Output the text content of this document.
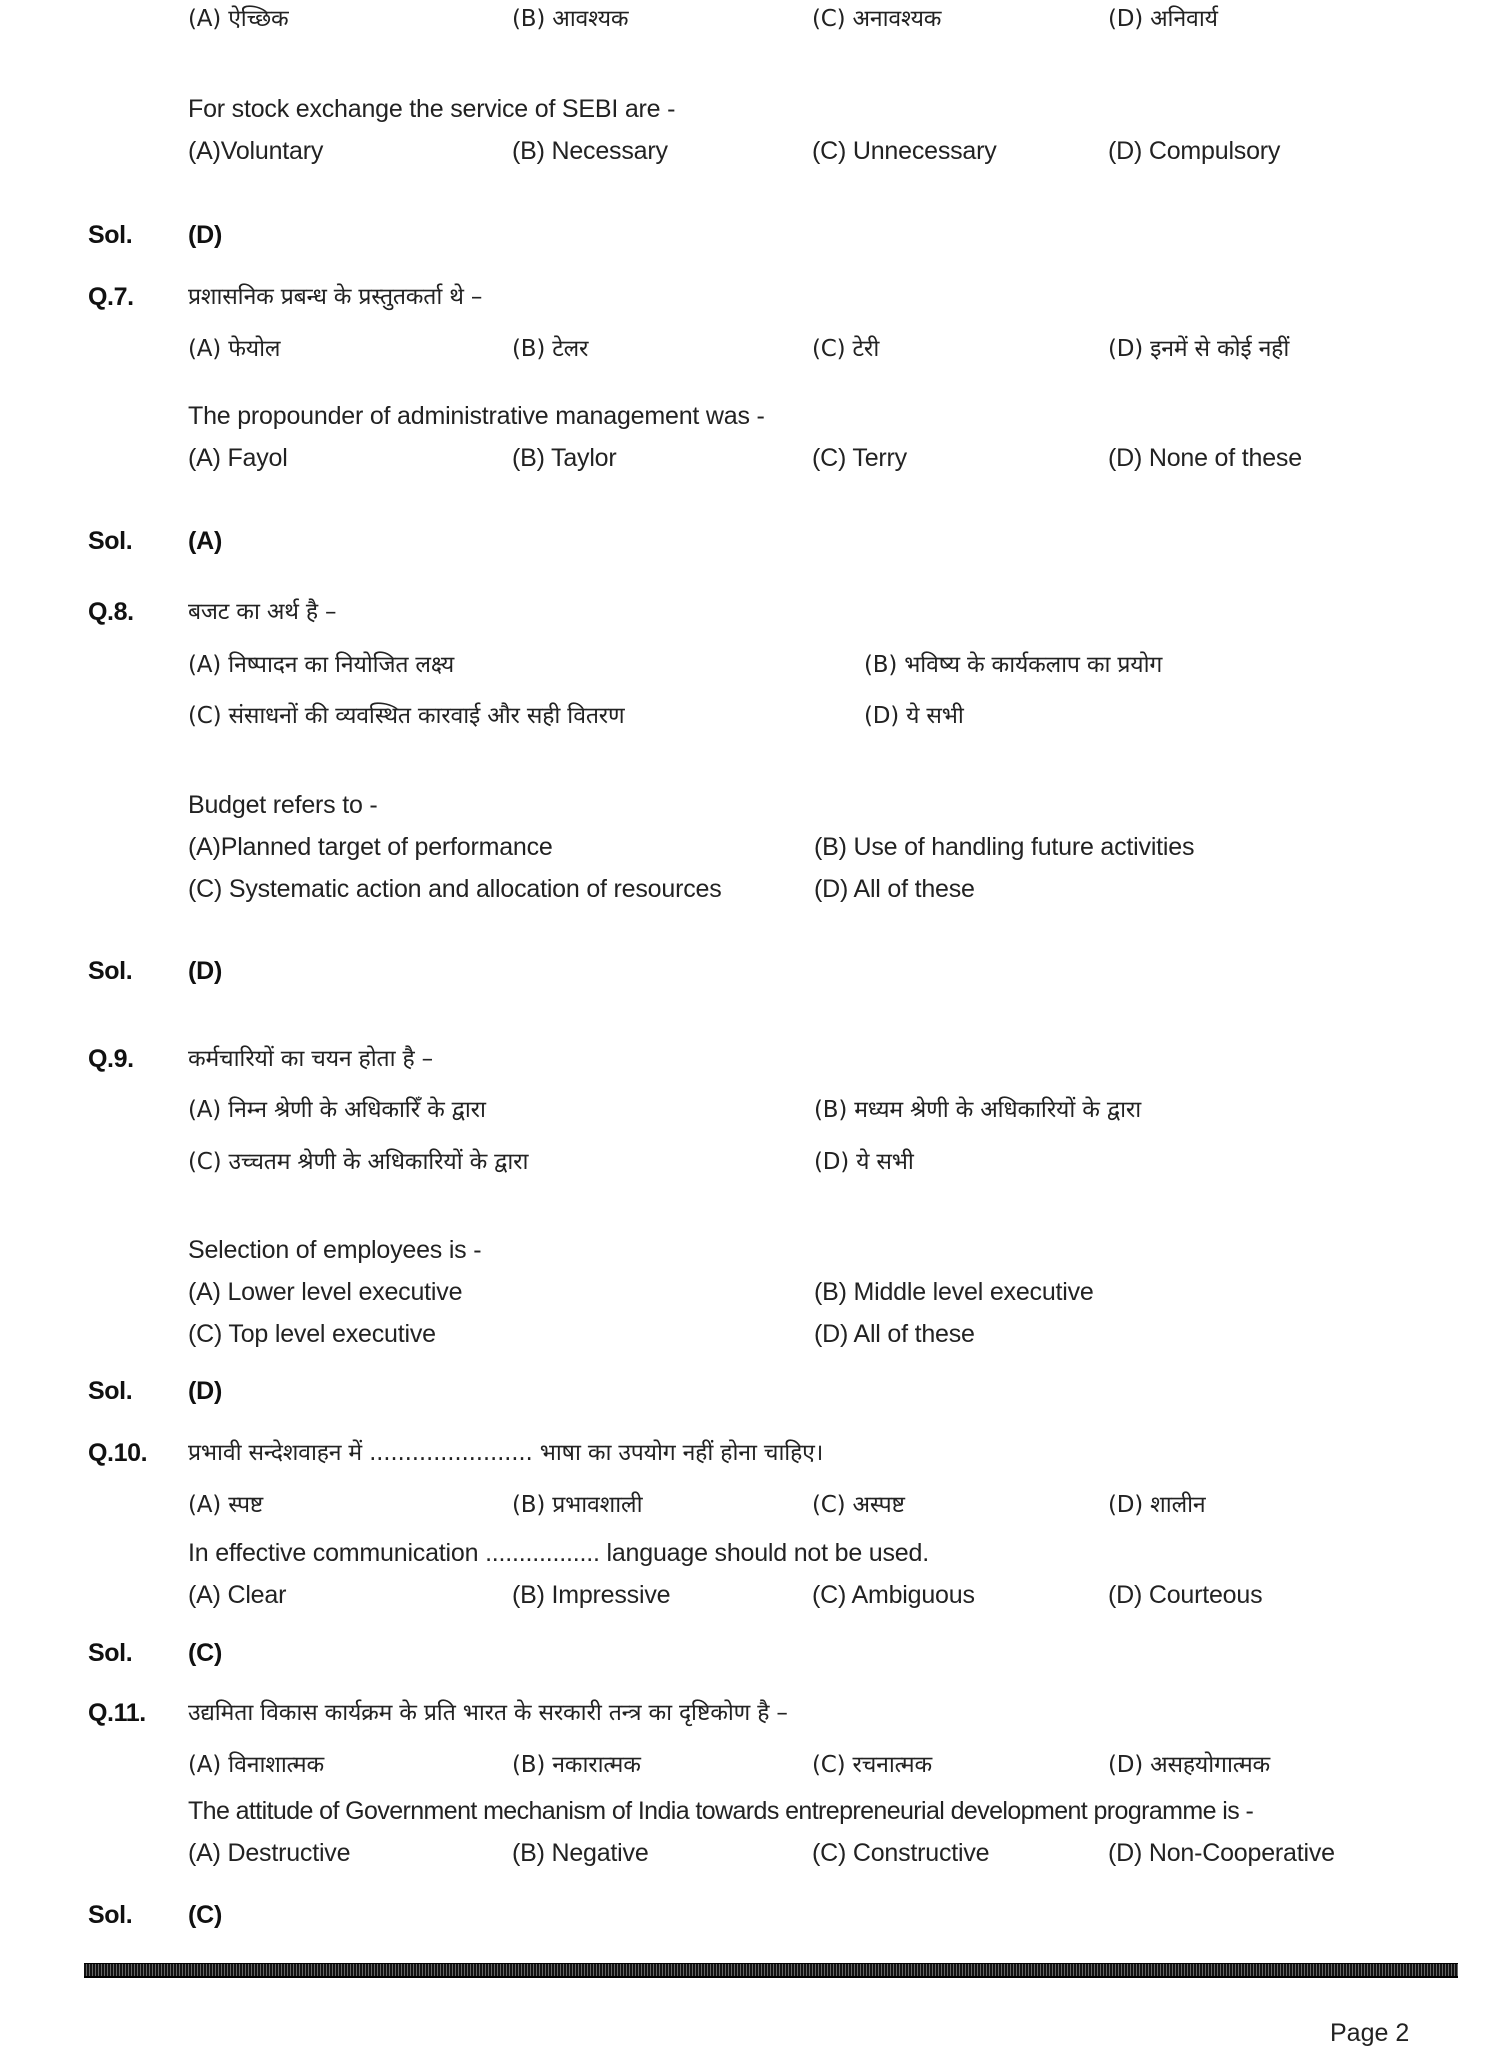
(A) ऐच्छिक	(B) आवश्यक	(C) अनावश्यक	(D) अनिवार्य
For stock exchange the service of SEBI are -
(A)Voluntary	(B) Necessary	(C) Unnecessary	(D) Compulsory
Sol. (D)
Q.7. प्रशासनिक प्रबन्ध के प्रस्तुतकर्ता थे –
(A) फेयोल	(B) टेलर	(C) टेरी	(D) इनमें से कोई नहीं
The propounder of administrative management was -
(A) Fayol	(B) Taylor	(C) Terry	(D) None of these
Sol. (A)
Q.8. बजट का अर्थ है –
(A) निष्पादन का नियोजित लक्ष्य	(B) भविष्य के कार्यकलाप का प्रयोग
(C) संसाधनों की व्यवस्थित कारवाई और सही वितरण	(D) ये सभी
Budget refers to -
(A)Planned target of performance	(B) Use of handling future activities
(C) Systematic action and allocation of resources	(D) All of these
Sol. (D)
Q.9. कर्मचारियों का चयन होता है –
(A) निम्न श्रेणी के अधिकारिँ के द्वारा	(B) मध्यम श्रेणी के अधिकारियों के द्वारा
(C) उच्चतम श्रेणी के अधिकारियों के द्वारा	(D) ये सभी
Selection of employees is -
(A) Lower level executive	(B) Middle level executive
(C) Top level executive	(D) All of these
Sol. (D)
Q.10. प्रभावी सन्देशवाहन में ....................... भाषा का उपयोग नहीं होना चाहिए।
(A) स्पष्ट	(B) प्रभावशाली	(C) अस्पष्ट	(D) शालीन
In effective communication ................. language should not be used.
(A) Clear	(B) Impressive	(C) Ambiguous	(D) Courteous
Sol. (C)
Q.11. उद्यमिता विकास कार्यक्रम के प्रति भारत के सरकारी तन्त्र का दृष्टिकोण है –
(A) विनाशात्मक	(B) नकारात्मक	(C) रचनात्मक	(D) असहयोगात्मक
The attitude of Government mechanism of India towards entrepreneurial development programme is -
(A) Destructive	(B) Negative	(C) Constructive	(D) Non-Cooperative
Sol. (C)
Page 2
